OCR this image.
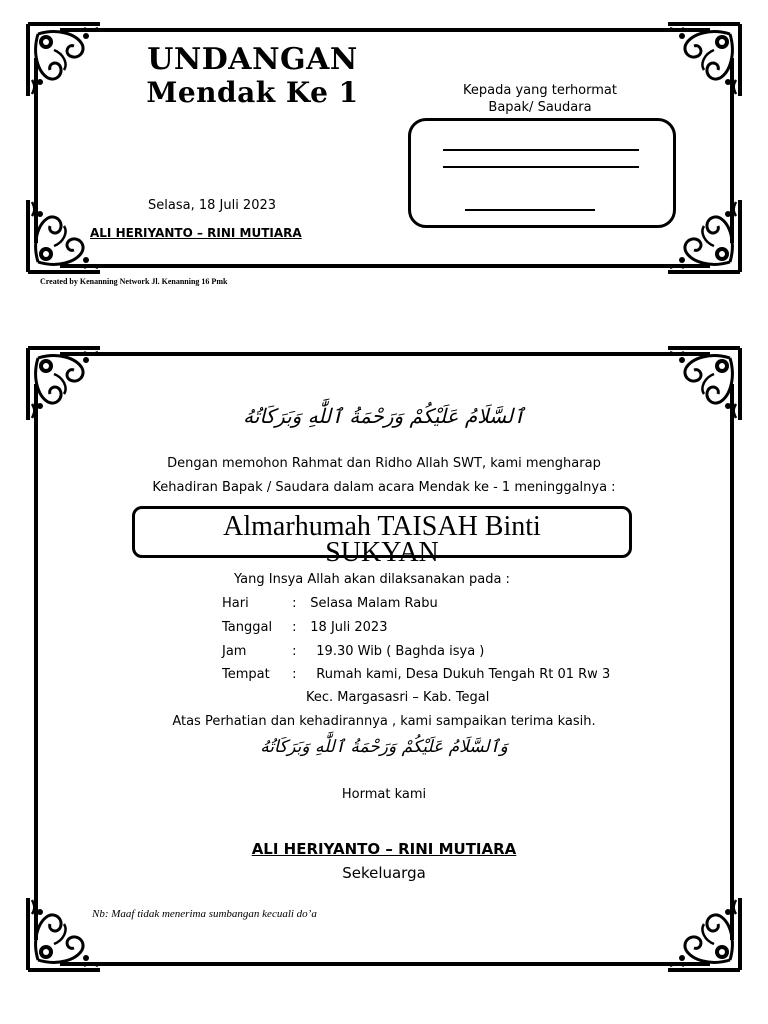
UNDANGAN
Mendak Ke 1	Kepada yang terhormat
Bapak/ Saudara
Selasa, 18 Juli 2023
ALI HERIYANTO – RINI MUTIARA
Created by Kenanning Network Jl. Kenanning 16 Pmk
ٱلسَّلَامُ عَلَيْكُمْ وَرَحْمَةُ ٱللَّٰهِ وَبَرَكَاتُهُ
Dengan memohon Rahmat dan Ridho Allah SWT, kami mengharap
Kehadiran Bapak / Saudara dalam acara Mendak ke - 1 meninggalnya :
Almarhumah TAISAH Binti
SUKYAN
Yang Insya Allah akan dilaksanakan pada :
Hari	: Selasa Malam Rabu
Tanggal : 18 Juli 2023
Jam	: 19.30 Wib ( Baghda isya )
Tempat : Rumah kami, Desa Dukuh Tengah Rt 01 Rw 3
Kec. Margasasri – Kab. Tegal
Atas Perhatian dan kehadirannya , kami sampaikan terima kasih.
وَٱلسَّلَامُ عَلَيْكُمْ وَرَحْمَةُ ٱللَّٰهِ وَبَرَكَاتُهُ
Hormat kami
ALI HERIYANTO – RINI MUTIARA
Sekeluarga
Nb: Maaf tidak menerima sumbangan kecuali do’a
